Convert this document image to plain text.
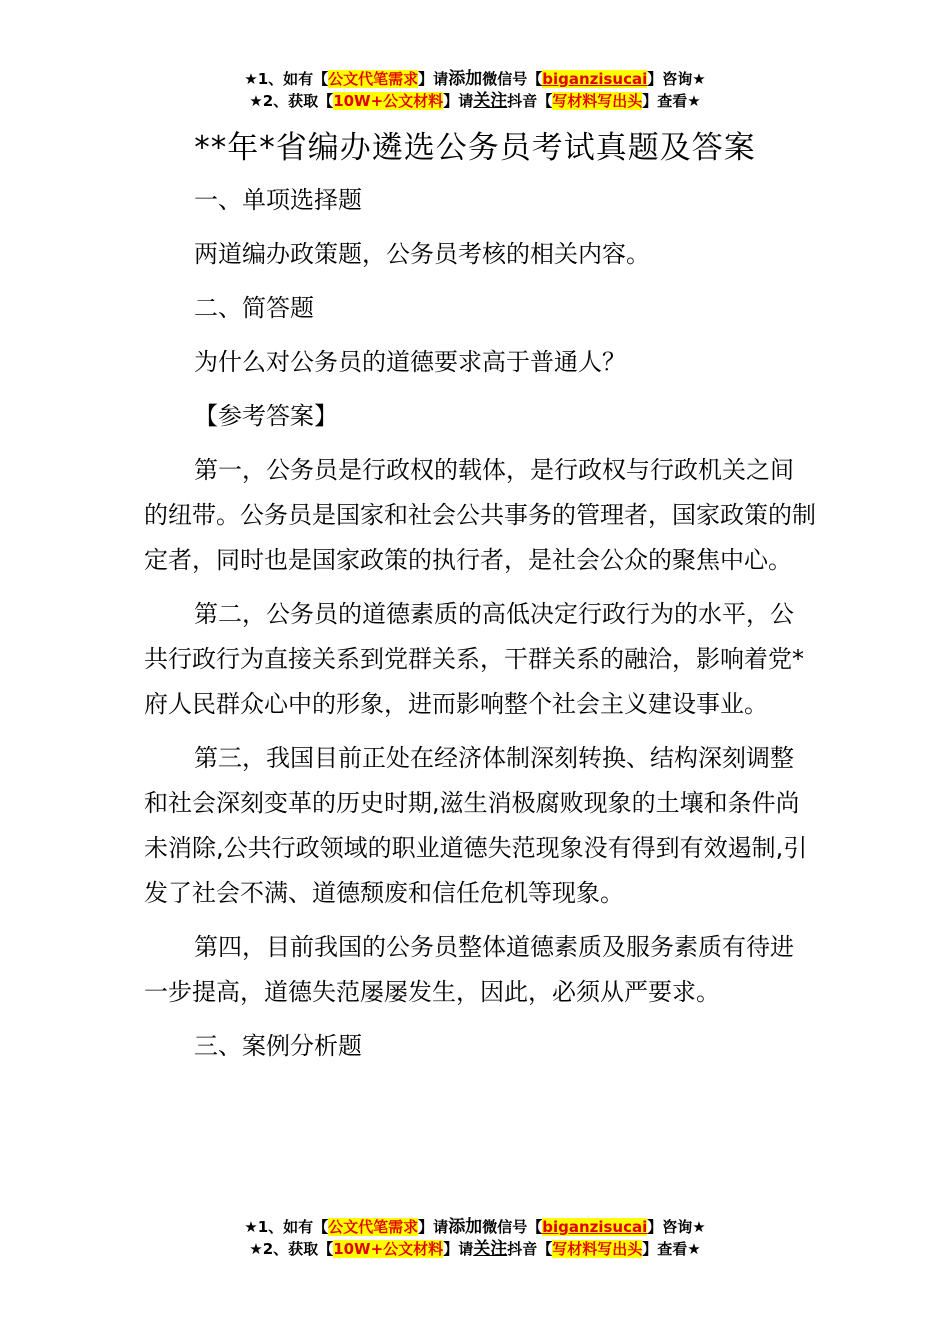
★1、如有【公文代笔需求】请添加微信号【biganzisucai】咨询★
★2、获取【10W+公文材料】请关注抖音【写材料写出头】查看★
**年*省编办遴选公务员考试真题及答案

一、单项选择题

两道编办政策题，公务员考核的相关内容。

二、简答题

为什么对公务员的道德要求高于普通人？

【参考答案】

第一，公务员是行政权的载体，是行政权与行政机关之间的纽带。公务员是国家和社会公共事务的管理者，国家政策的制定者，同时也是国家政策的执行者，是社会公众的聚焦中心。

第二，公务员的道德素质的高低决定行政行为的水平，公共行政行为直接关系到党群关系，干群关系的融洽，影响着党*府人民群众心中的形象，进而影响整个社会主义建设事业。

第三，我国目前正处在经济体制深刻转换、结构深刻调整和社会深刻变革的历史时期,滋生消极腐败现象的土壤和条件尚未消除,公共行政领域的职业道德失范现象没有得到有效遏制,引发了社会不满、道德颓废和信任危机等现象。

第四，目前我国的公务员整体道德素质及服务素质有待进一步提高，道德失范屡屡发生，因此，必须从严要求。

三、案例分析题

★1、如有【公文代笔需求】请添加微信号【biganzisucai】咨询★
★2、获取【10W+公文材料】请关注抖音【写材料写出头】查看★
